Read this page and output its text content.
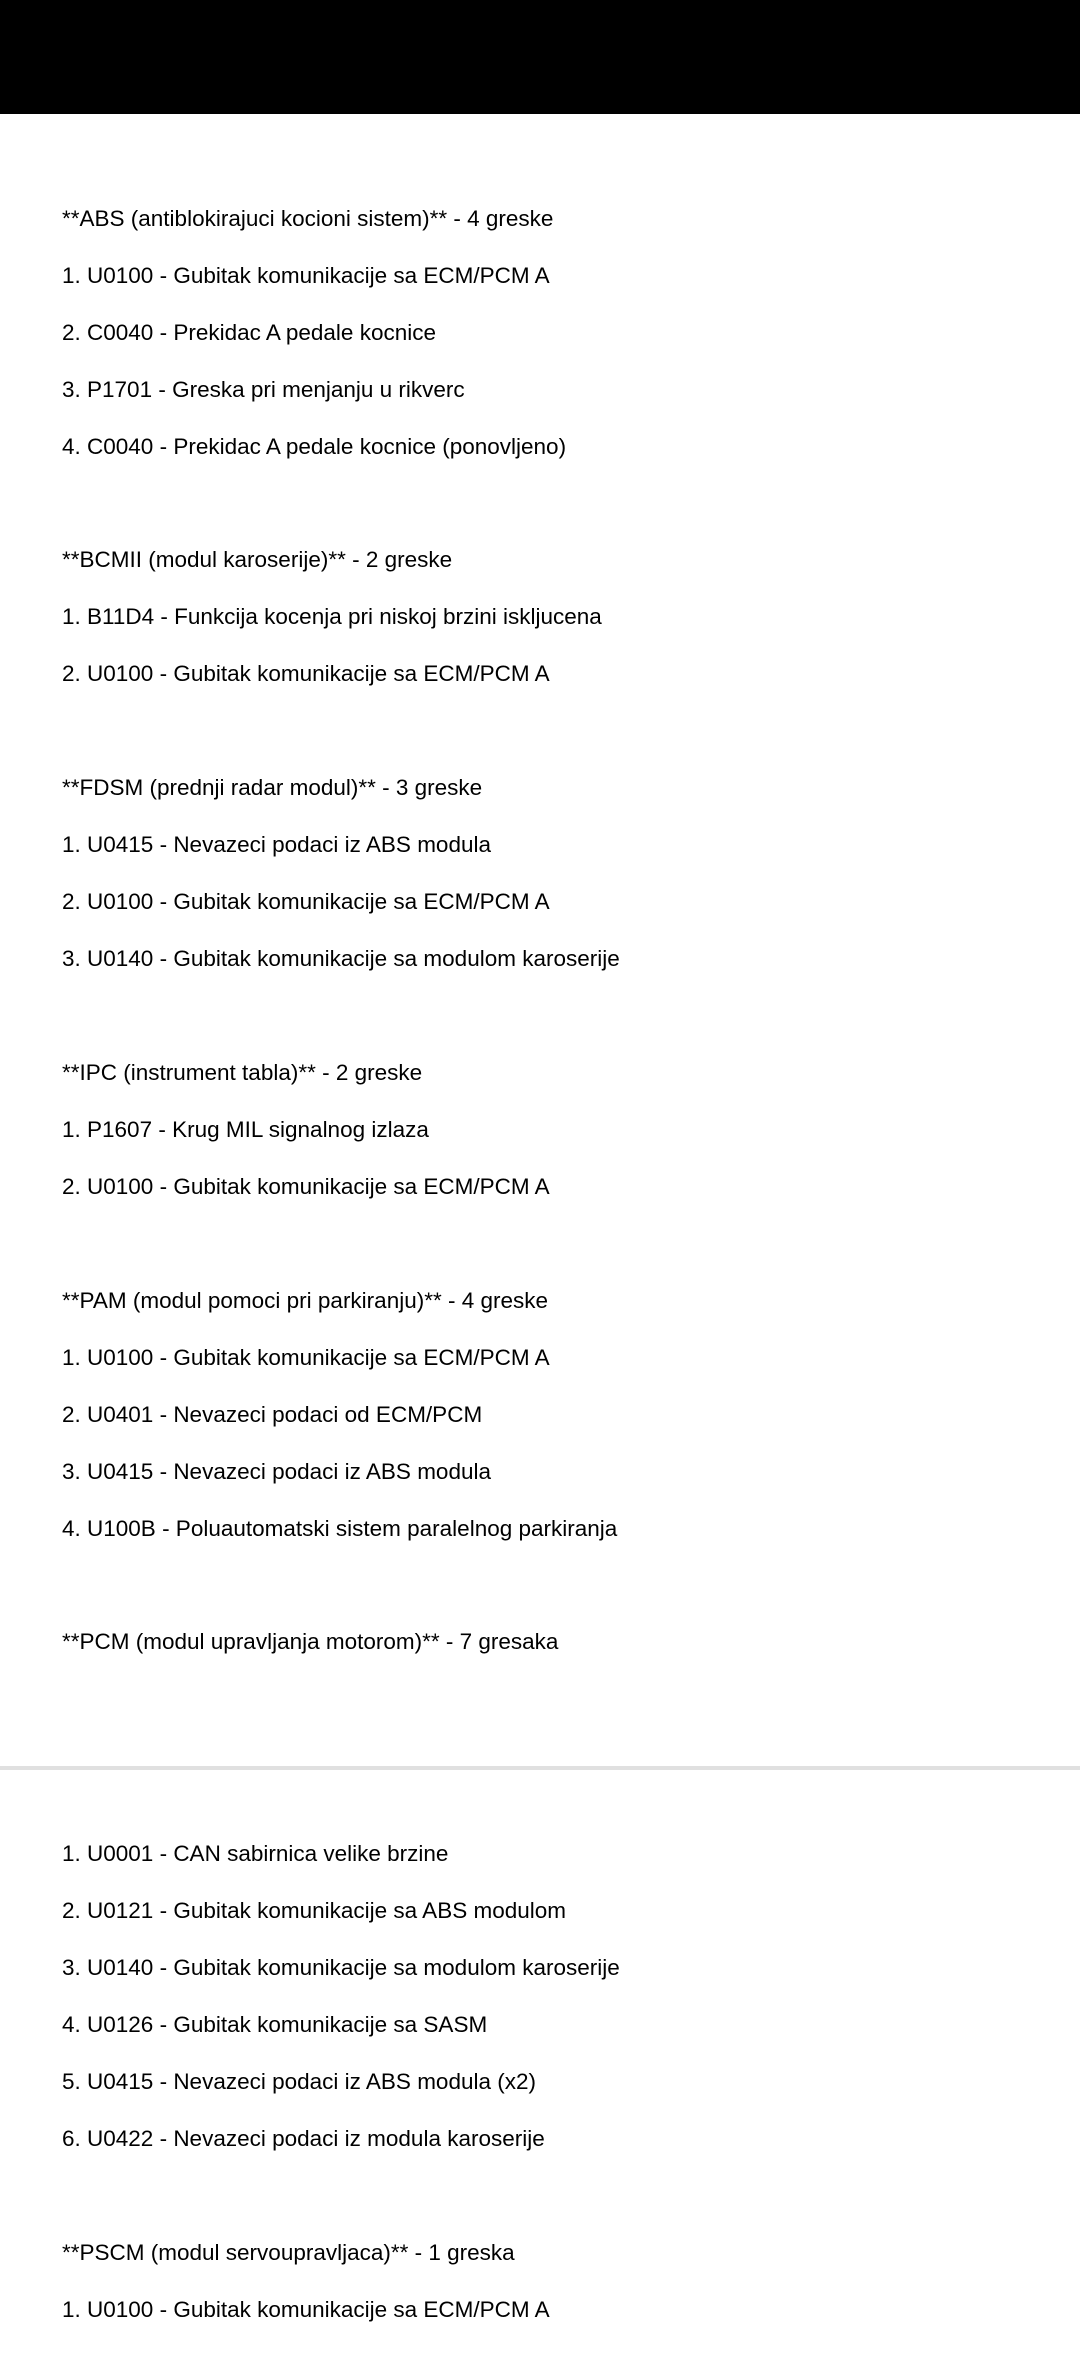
**ABS (antiblokirajuci kocioni sistem)** - 4 greske
1. U0100 - Gubitak komunikacije sa ECM/PCM A
2. C0040 - Prekidac A pedale kocnice
3. P1701 - Greska pri menjanju u rikverc
4. C0040 - Prekidac A pedale kocnice (ponovljeno)
**BCMII (modul karoserije)** - 2 greske
1. B11D4 - Funkcija kocenja pri niskoj brzini iskljucena
2. U0100 - Gubitak komunikacije sa ECM/PCM A
**FDSM (prednji radar modul)** - 3 greske
1. U0415 - Nevazeci podaci iz ABS modula
2. U0100 - Gubitak komunikacije sa ECM/PCM A
3. U0140 - Gubitak komunikacije sa modulom karoserije
**IPC (instrument tabla)** - 2 greske
1. P1607 - Krug MIL signalnog izlaza
2. U0100 - Gubitak komunikacije sa ECM/PCM A
**PAM (modul pomoci pri parkiranju)** - 4 greske
1. U0100 - Gubitak komunikacije sa ECM/PCM A
2. U0401 - Nevazeci podaci od ECM/PCM
3. U0415 - Nevazeci podaci iz ABS modula
4. U100B - Poluautomatski sistem paralelnog parkiranja
**PCM (modul upravljanja motorom)** - 7 gresaka
1. U0001 - CAN sabirnica velike brzine
2. U0121 - Gubitak komunikacije sa ABS modulom
3. U0140 - Gubitak komunikacije sa modulom karoserije
4. U0126 - Gubitak komunikacije sa SASM
5. U0415 - Nevazeci podaci iz ABS modula (x2)
6. U0422 - Nevazeci podaci iz modula karoserije
**PSCM (modul servoupravljaca)** - 1 greska
1. U0100 - Gubitak komunikacije sa ECM/PCM A
